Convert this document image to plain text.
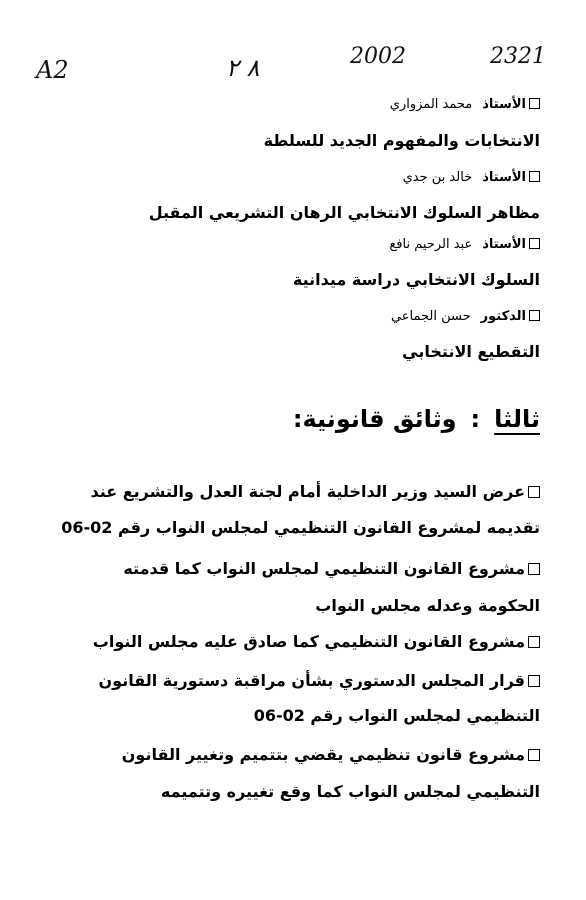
A2	٨ ٢	2002	2321
الأستاذمحمد المزواري
الانتخابات والمفهوم الجديد للسلطة
الأستاذخالد بن جدي
مظاهر السلوك الانتخابي الرهان التشريعي المقبل
الأستاذعبد الرحيم نافع
السلوك الانتخابي دراسة ميدانية
الدكتورحسن الجماعي
التقطيع الانتخابي
ثالثا:وثائق قانونية:
عرض السيد وزير الداخلية أمام لجنة العدل والتشريع عند
تقديمه لمشروع القانون التنظيمي لمجلس النواب رقم 02-06
مشروع القانون التنظيمي لمجلس النواب كما قدمته
الحكومة وعدله مجلس النواب
مشروع القانون التنظيمي كما صادق عليه مجلس النواب
قرار المجلس الدستوري بشأن مراقبة دستورية القانون
التنظيمي لمجلس النواب رقم 02-06
مشروع قانون تنظيمي يقضي بتتميم وتغيير القانون
التنظيمي لمجلس النواب كما وقع تغييره وتتميمه
